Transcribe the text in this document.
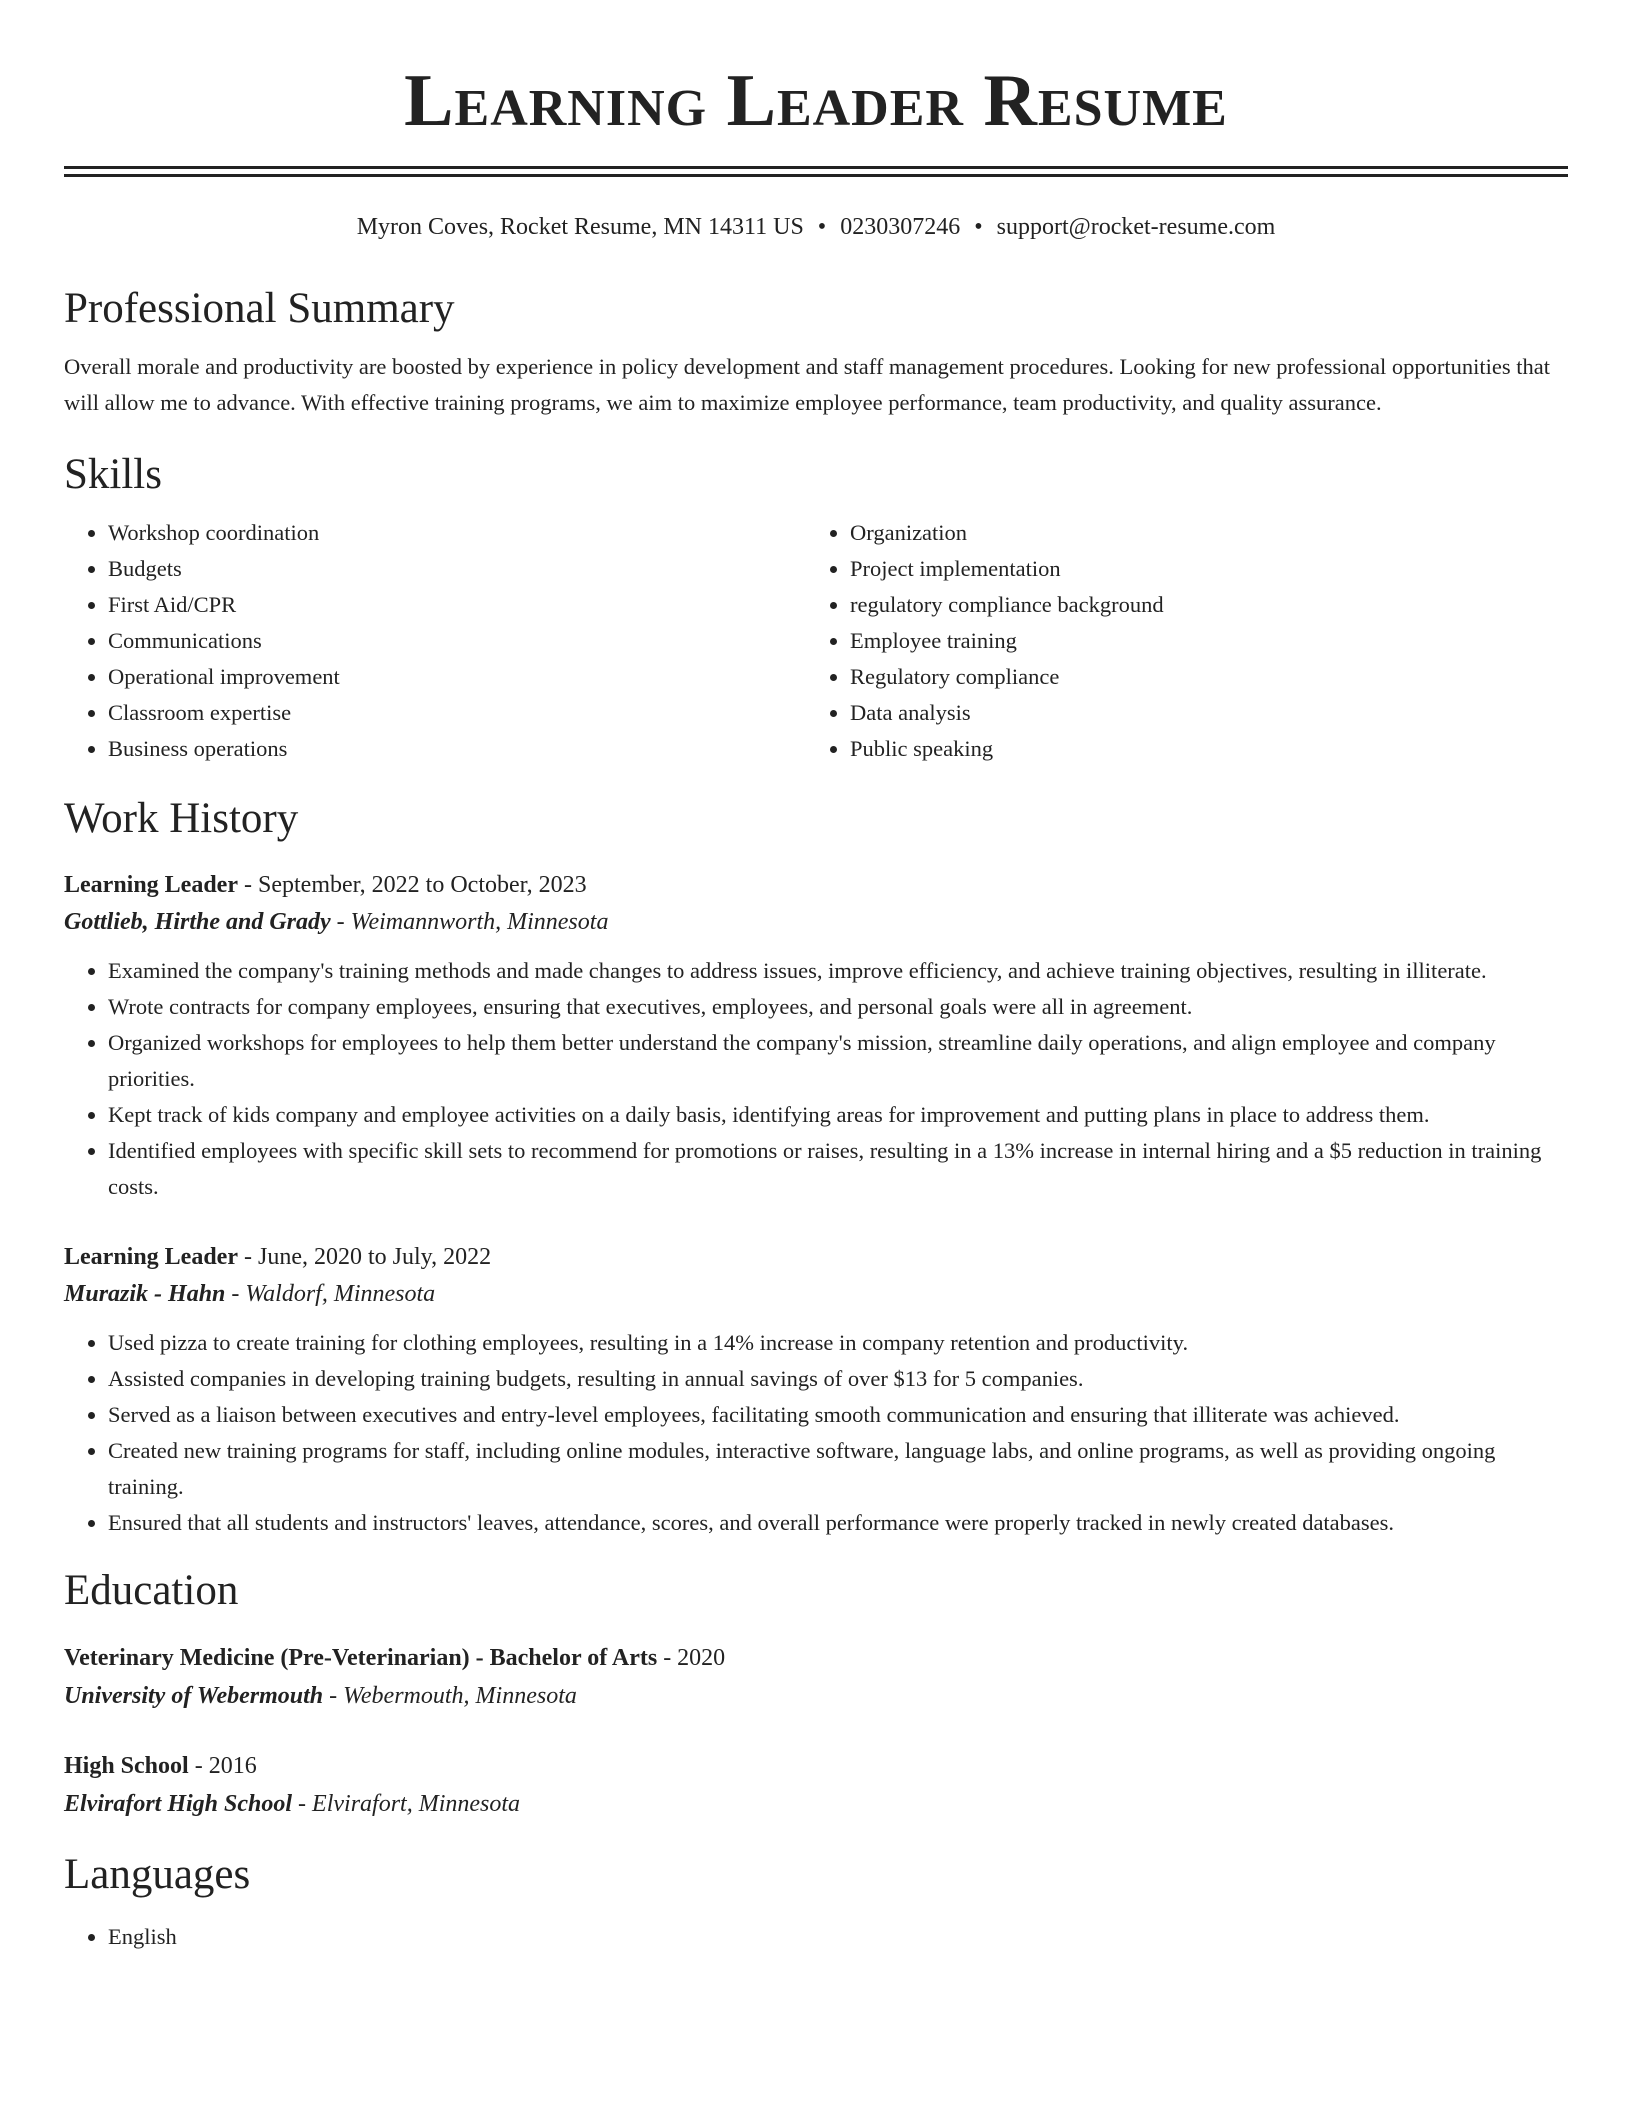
Learning Leader Resume
Myron Coves, Rocket Resume, MN 14311 US • 0230307246 • support@rocket-resume.com
Professional Summary

Overall morale and productivity are boosted by experience in policy development and staff management procedures. Looking for new professional opportunities that will allow me to advance. With effective training programs, we aim to maximize employee performance, team productivity, and quality assurance.

Skills
• Workshop coordination
• Budgets
• First Aid/CPR
• Communications
• Operational improvement
• Classroom expertise
• Business operations
• Organization
• Project implementation
• regulatory compliance background
• Employee training
• Regulatory compliance
• Data analysis
• Public speaking
Work History

Learning Leader - September, 2022 to October, 2023

Gottlieb, Hirthe and Grady - Weimannworth, Minnesota

• Examined the company's training methods and made changes to address issues, improve efficiency, and achieve training objectives, resulting in illiterate.
• Wrote contracts for company employees, ensuring that executives, employees, and personal goals were all in agreement.
• Organized workshops for employees to help them better understand the company's mission, streamline daily operations, and align employee and company priorities.
• Kept track of kids company and employee activities on a daily basis, identifying areas for improvement and putting plans in place to address them.
• Identified employees with specific skill sets to recommend for promotions or raises, resulting in a 13% increase in internal hiring and a $5 reduction in training costs.

Learning Leader - June, 2020 to July, 2022

Murazik - Hahn - Waldorf, Minnesota

• Used pizza to create training for clothing employees, resulting in a 14% increase in company retention and productivity.
• Assisted companies in developing training budgets, resulting in annual savings of over $13 for 5 companies.
• Served as a liaison between executives and entry-level employees, facilitating smooth communication and ensuring that illiterate was achieved.
• Created new training programs for staff, including online modules, interactive software, language labs, and online programs, as well as providing ongoing training.
• Ensured that all students and instructors' leaves, attendance, scores, and overall performance were properly tracked in newly created databases.
Education

Veterinary Medicine (Pre-Veterinarian) - Bachelor of Arts - 2020

University of Webermouth - Webermouth, Minnesota

High School - 2016

Elvirafort High School - Elvirafort, Minnesota

Languages
• English
